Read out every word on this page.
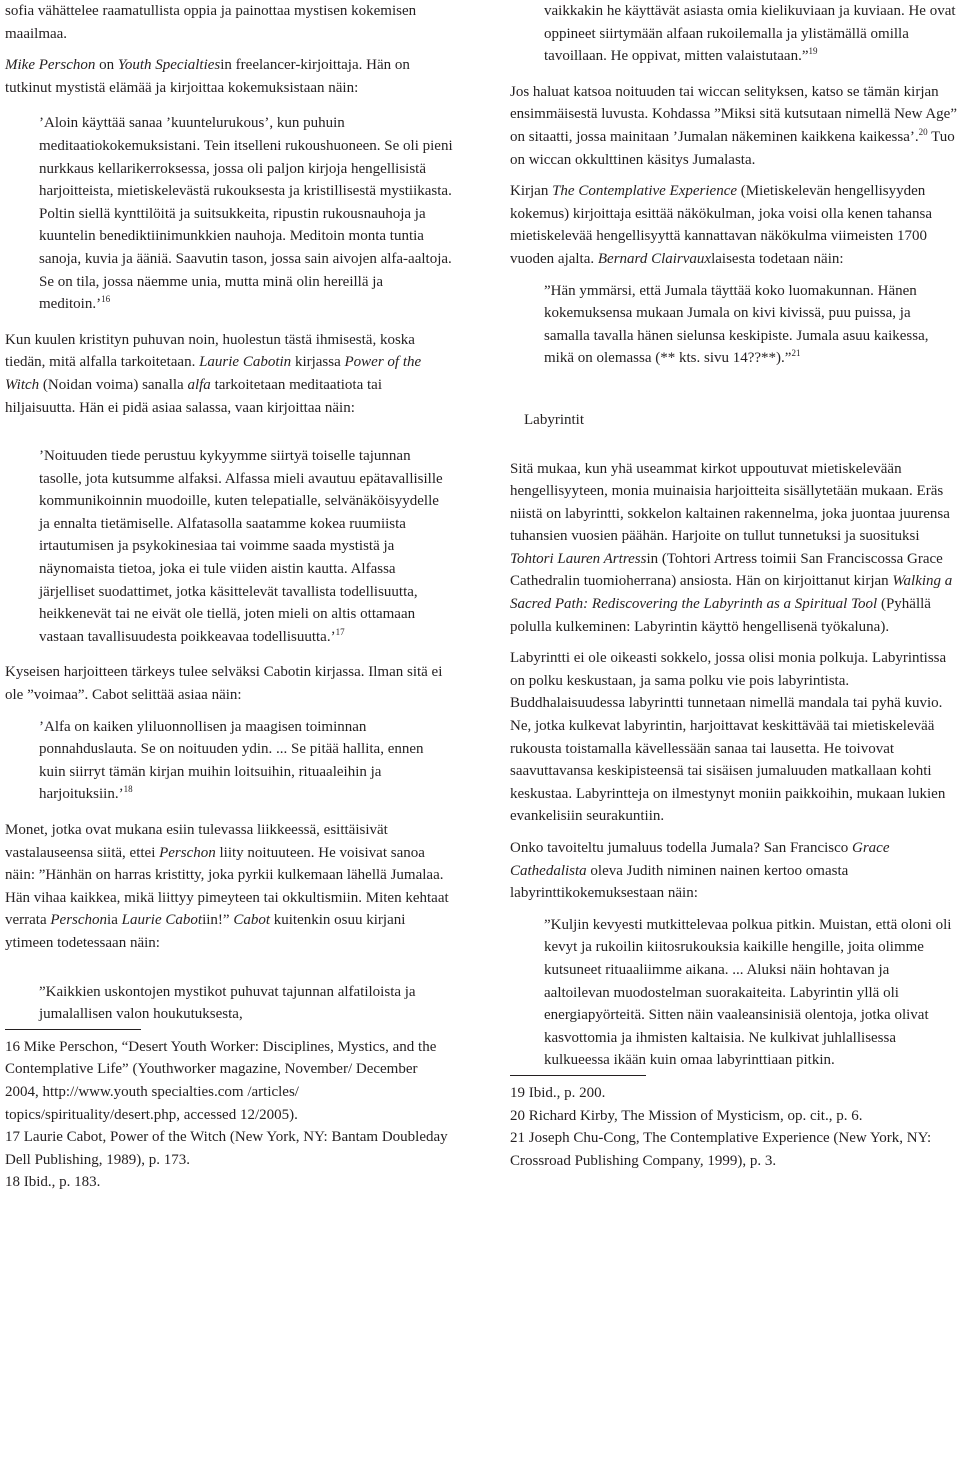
sofia vähättelee raamatullista oppia ja painottaa mystisen kokemisen maailmaa.

Mike Perschon on Youth Specialtiesin freelancer-kirjoittaja. Hän on tutkinut mystistä elämää ja kirjoittaa kokemuksistaan näin:

’Aloin käyttää sanaa ’kuuntelurukous’, kun puhuin meditaatiokokemuksistani. Tein itselleni rukoushuoneen. Se oli pieni nurkkaus kellarikerroksessa, jossa oli paljon kirjoja hengellisistä harjoitteista, mietiskelevästä rukouksesta ja kristillisestä mystiikasta. Poltin siellä kynttilöitä ja suitsukkeita, ripustin rukousnauhoja ja kuuntelin benediktiinimunkkien nauhoja. Meditoin monta tuntia sanoja, kuvia ja ääniä. Saavutin tason, jossa sain aivojen alfa-aaltoja. Se on tila, jossa näemme unia, mutta minä olin hereillä ja meditoin.’$^{16}$

Kun kuulen kristityn puhuvan noin, huolestun tästä ihmisestä, koska tiedän, mitä alfalla tarkoitetaan. Laurie Cabotin kirjassa Power of the Witch (Noidan voima) sanalla alfa tarkoitetaan meditaatiota tai hiljaisuutta. Hän ei pidä asiaa salassa, vaan kirjoittaa näin:

’Noituuden tiede perustuu kykyymme siirtyä toiselle tajunnan tasolle, jota kutsumme alfaksi. Alfassa mieli avautuu epätavallisille kommunikoinnin muodoille, kuten telepatialle, selvänäköisyydelle ja ennalta tietämiselle. Alfatasolla saatamme kokea ruumiista irtautumisen ja psykokinesiaa tai voimme saada mystistä ja näynomaista tietoa, joka ei tule viiden aistin kautta. Alfassa järjelliset suodattimet, jotka käsittelevät tavallista todellisuutta, heikkenevät tai ne eivät ole tiellä, joten mieli on altis ottamaan vastaan tavallisuudesta poikkeavaa todellisuutta.’$^{17}$

Kyseisen harjoitteen tärkeys tulee selväksi Cabotin kirjassa. Ilman sitä ei ole ”voimaa”. Cabot selittää asiaa näin:

’Alfa on kaiken yliluonnollisen ja maagisen toiminnan ponnahduslauta. Se on noituuden ydin. ... Se pitää hallita, ennen kuin siirryt tämän kirjan muihin loitsuihin, rituaaleihin ja harjoituksiin.’$^{18}$

Monet, jotka ovat mukana esiin tulevassa liikkeessä, esittäisivät vastalauseensa siitä, ettei Perschon liity noituuteen. He voisivat sanoa näin: ”Hänhän on harras kristitty, joka pyrkii kulkemaan lähellä Jumalaa. Hän vihaa kaikkea, mikä liittyy pimeyteen tai okkultismiin. Miten kehtaat verrata Perschonia Laurie Cabotiin!” Cabot kuitenkin osuu kirjani ytimeen todetessaan näin:

”Kaikkien uskontojen mystikot puhuvat tajunnan alfatiloista ja jumalallisen valon houkutuksesta,

16 Mike Perschon, “Desert Youth Worker: Disciplines, Mystics, and the Contemplative Life” (Youthworker magazine, November/ December 2004, http://www.youth specialties.com /articles/ topics/spirituality/desert.php, accessed 12/2005).

17 Laurie Cabot, Power of the Witch (New York, NY: Bantam Doubleday Dell Publishing, 1989), p. 173.

18 Ibid., p. 183.

vaikkakin he käyttävät asiasta omia kielikuviaan ja kuviaan. He ovat oppineet siirtymään alfaan rukoilemalla ja ylistämällä omilla tavoillaan. He oppivat, mitten valaistutaan.”$^{19}$

Jos haluat katsoa noituuden tai wiccan selityksen, katso se tämän kirjan ensimmäisestä luvusta. Kohdassa ”Miksi sitä kutsutaan nimellä New Age” on sitaatti, jossa mainitaan ’Jumalan näkeminen kaikkena kaikessa’.$^{20}$ Tuo on wiccan okkulttinen käsitys Jumalasta.

Kirjan The Contemplative Experience (Mietiskelevän hengellisyyden kokemus) kirjoittaja esittää näkökulman, joka voisi olla kenen tahansa mietiskelevää hengellisyyttä kannattavan näkökulma viimeisten 1700 vuoden ajalta. Bernard Clairvauxlaisesta todetaan näin:

”Hän ymmärsi, että Jumala täyttää koko luomakunnan. Hänen kokemuksensa mukaan Jumala on kivi kivissä, puu puissa, ja samalla tavalla hänen sielunsa keskipiste. Jumala asuu kaikessa, mikä on olemassa (** kts. sivu 14??**).”$^{21}$

Labyrintit

Sitä mukaa, kun yhä useammat kirkot uppoutuvat mietiskelevään hengellisyyteen, monia muinaisia harjoitteita sisällytetään mukaan. Eräs niistä on labyrintti, sokkelon kaltainen rakennelma, joka juontaa juurensa tuhansien vuosien päähän. Harjoite on tullut tunnetuksi ja suosituksi Tohtori Lauren Artressin (Tohtori Artress toimii San Franciscossa Grace Cathedralin tuomioherrana) ansiosta. Hän on kirjoittanut kirjan Walking a Sacred Path: Rediscovering the Labyrinth as a Spiritual Tool (Pyhällä polulla kulkeminen: Labyrintin käyttö hengellisenä työkaluna).

Labyrintti ei ole oikeasti sokkelo, jossa olisi monia polkuja. Labyrintissa on polku keskustaan, ja sama polku vie pois labyrintista. Buddhalaisuudessa labyrintti tunnetaan nimellä mandala tai pyhä kuvio. Ne, jotka kulkevat labyrintin, harjoittavat keskittävää tai mietiskelevää rukousta toistamalla kävellessään sanaa tai lausetta. He toivovat saavuttavansa keskipisteensä tai sisäisen jumaluuden matkallaan kohti keskustaa. Labyrintteja on ilmestynyt moniin paikkoihin, mukaan lukien evankelisiin seurakuntiin.

Onko tavoiteltu jumaluus todella Jumala? San Francisco Grace Cathedalista oleva Judith niminen nainen kertoo omasta labyrinttikokemuksestaan näin:

”Kuljin kevyesti mutkittelevaa polkua pitkin. Muistan, että oloni oli kevyt ja rukoilin kiitosrukouksia kaikille hengille, joita olimme kutsuneet rituaaliimme aikana. ... Aluksi näin hohtavan ja aaltoilevan muodostelman suorakaiteita. Labyrintin yllä oli energiapyörteitä. Sitten näin vaaleansinisiä olentoja, jotka olivat kasvottomia ja ihmisten kaltaisia. Ne kulkivat juhlallisessa kulkueessa ikään kuin omaa labyrinttiaan pitkin.

19 Ibid., p. 200.

20 Richard Kirby, The Mission of Mysticism, op. cit., p. 6.

21 Joseph Chu-Cong, The Contemplative Experience (New York, NY: Crossroad Publishing Company, 1999), p. 3.
